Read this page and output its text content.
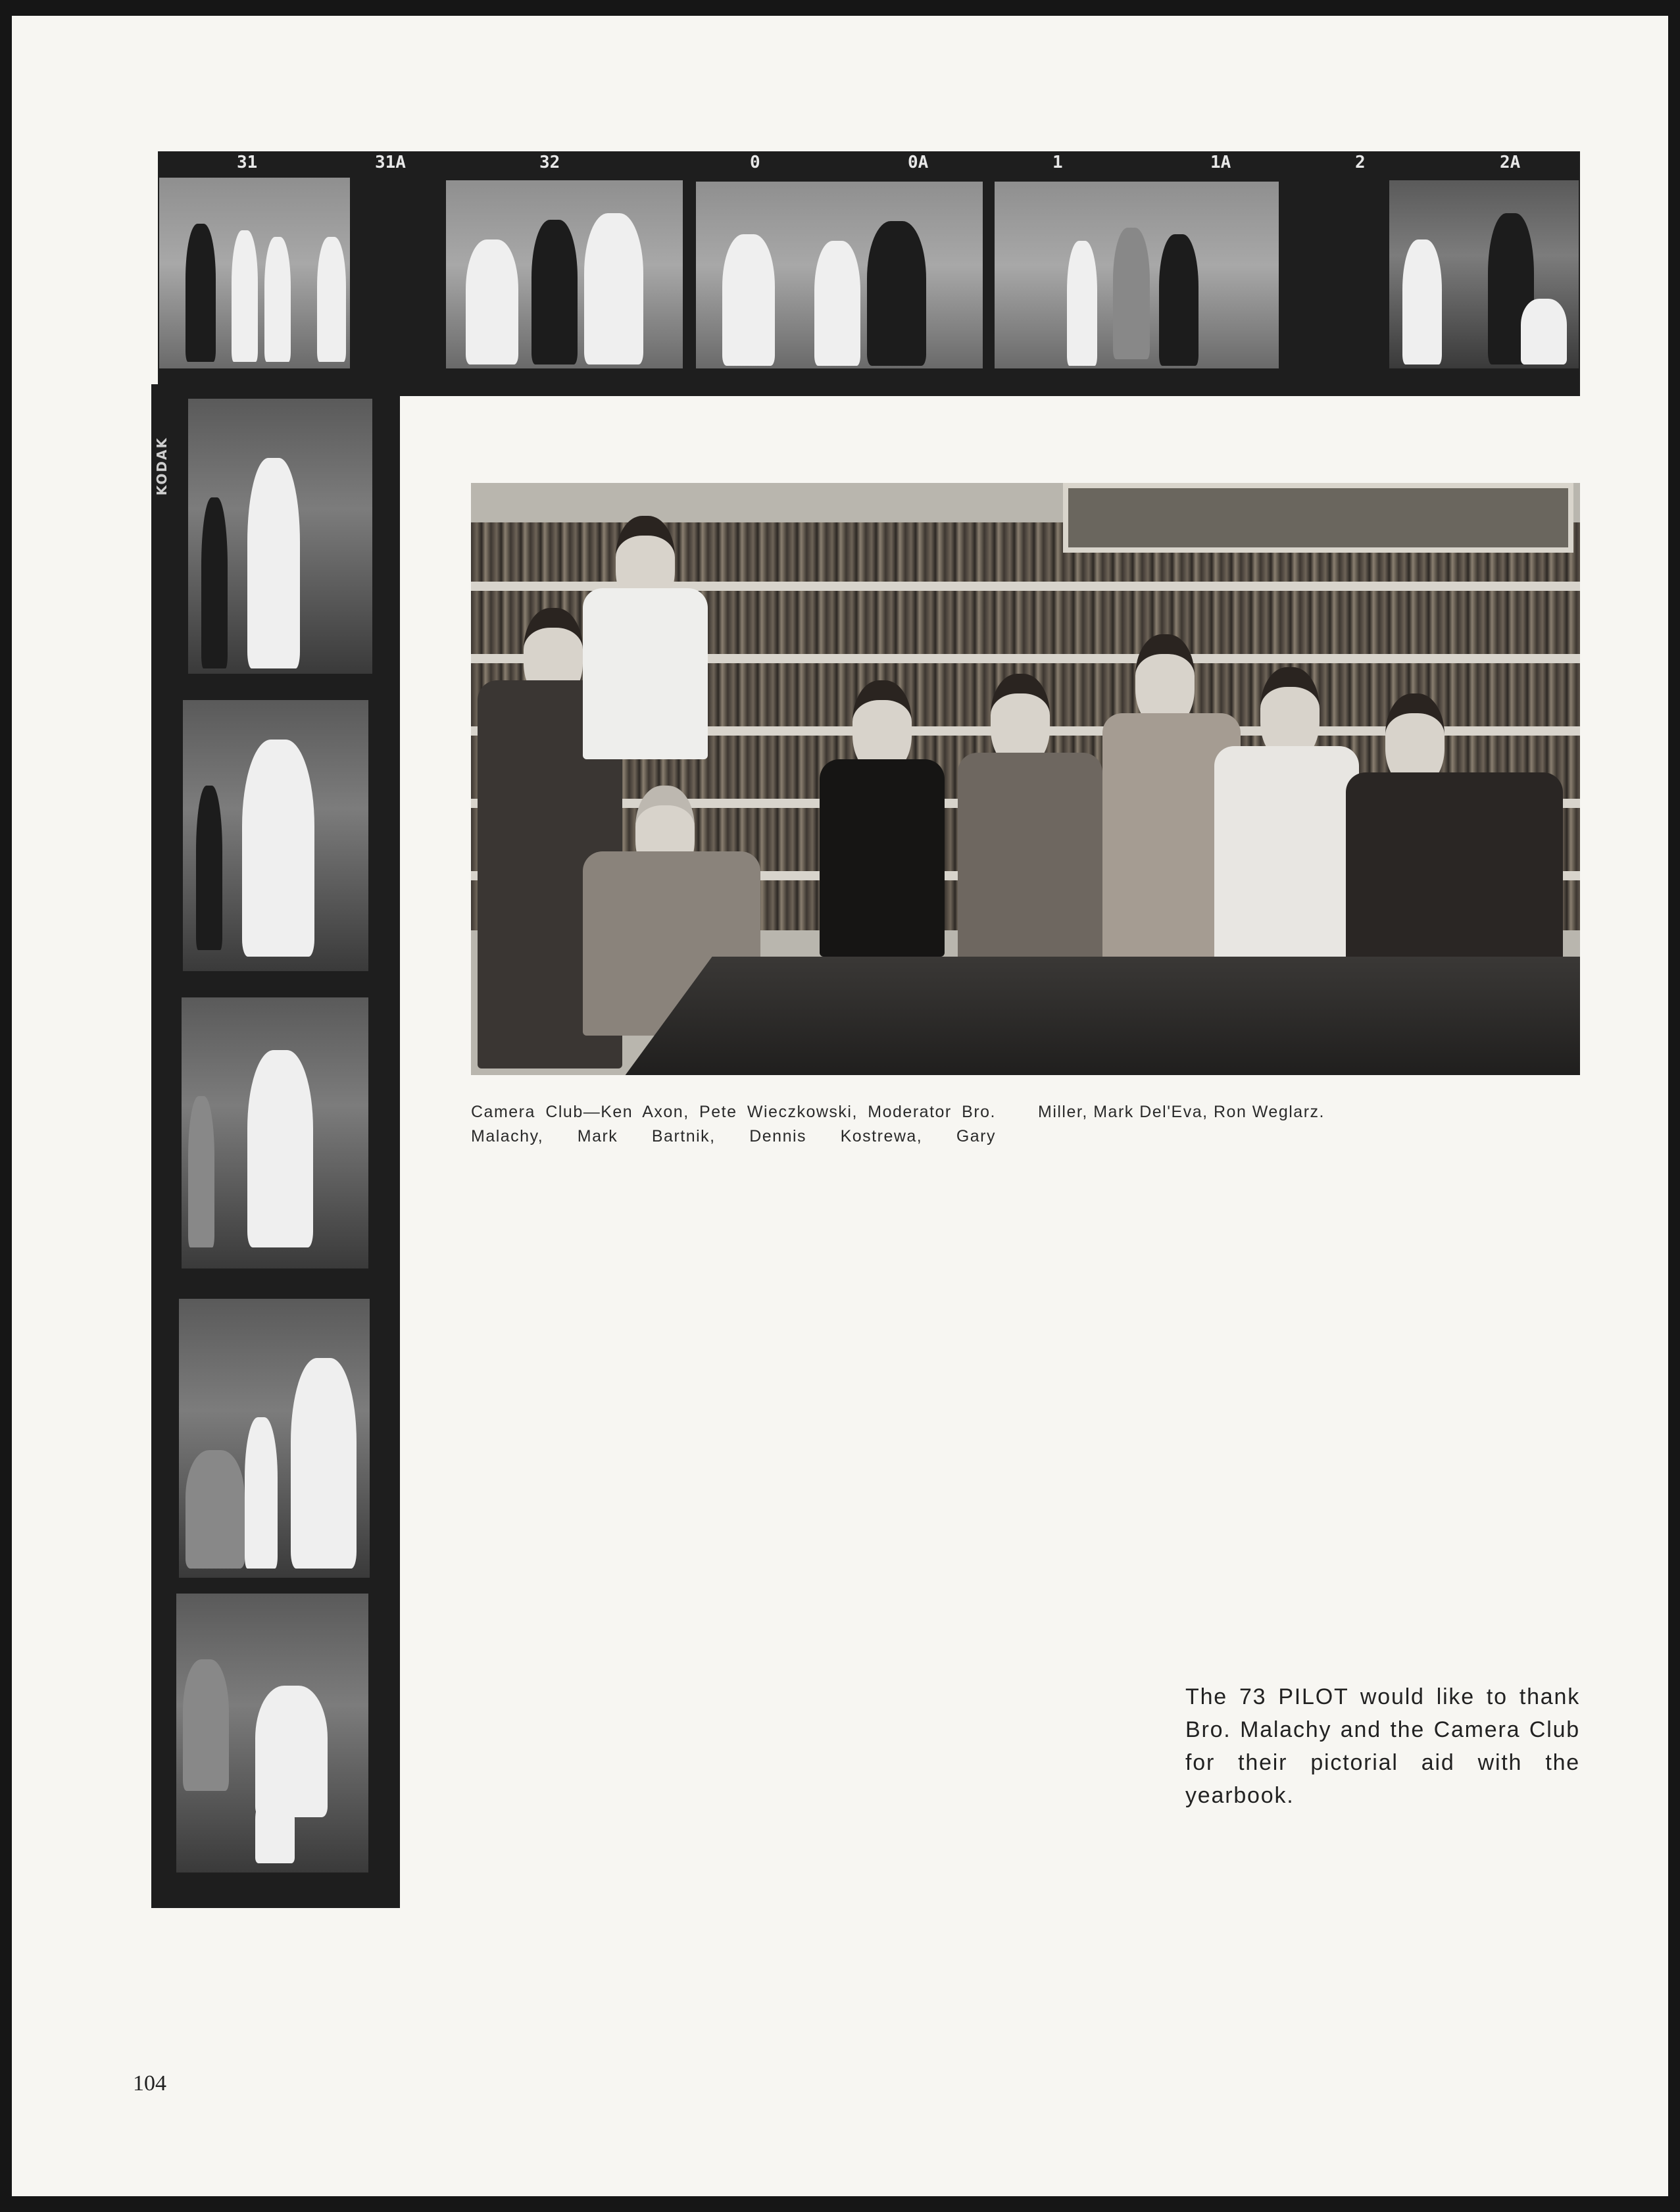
31	31A	32	0	0A	1	1A	2	2A
KODAK

Camera Club—Ken Axon, Pete Wieczkowski, Moderator Bro. Malachy, Mark Bartnik, Dennis Kostrewa, Gary

Miller, Mark Del'Eva, Ron Weglarz.

The 73 PILOT would like to thank Bro. Malachy and the Camera Club for their pictorial aid with the yearbook.

104
